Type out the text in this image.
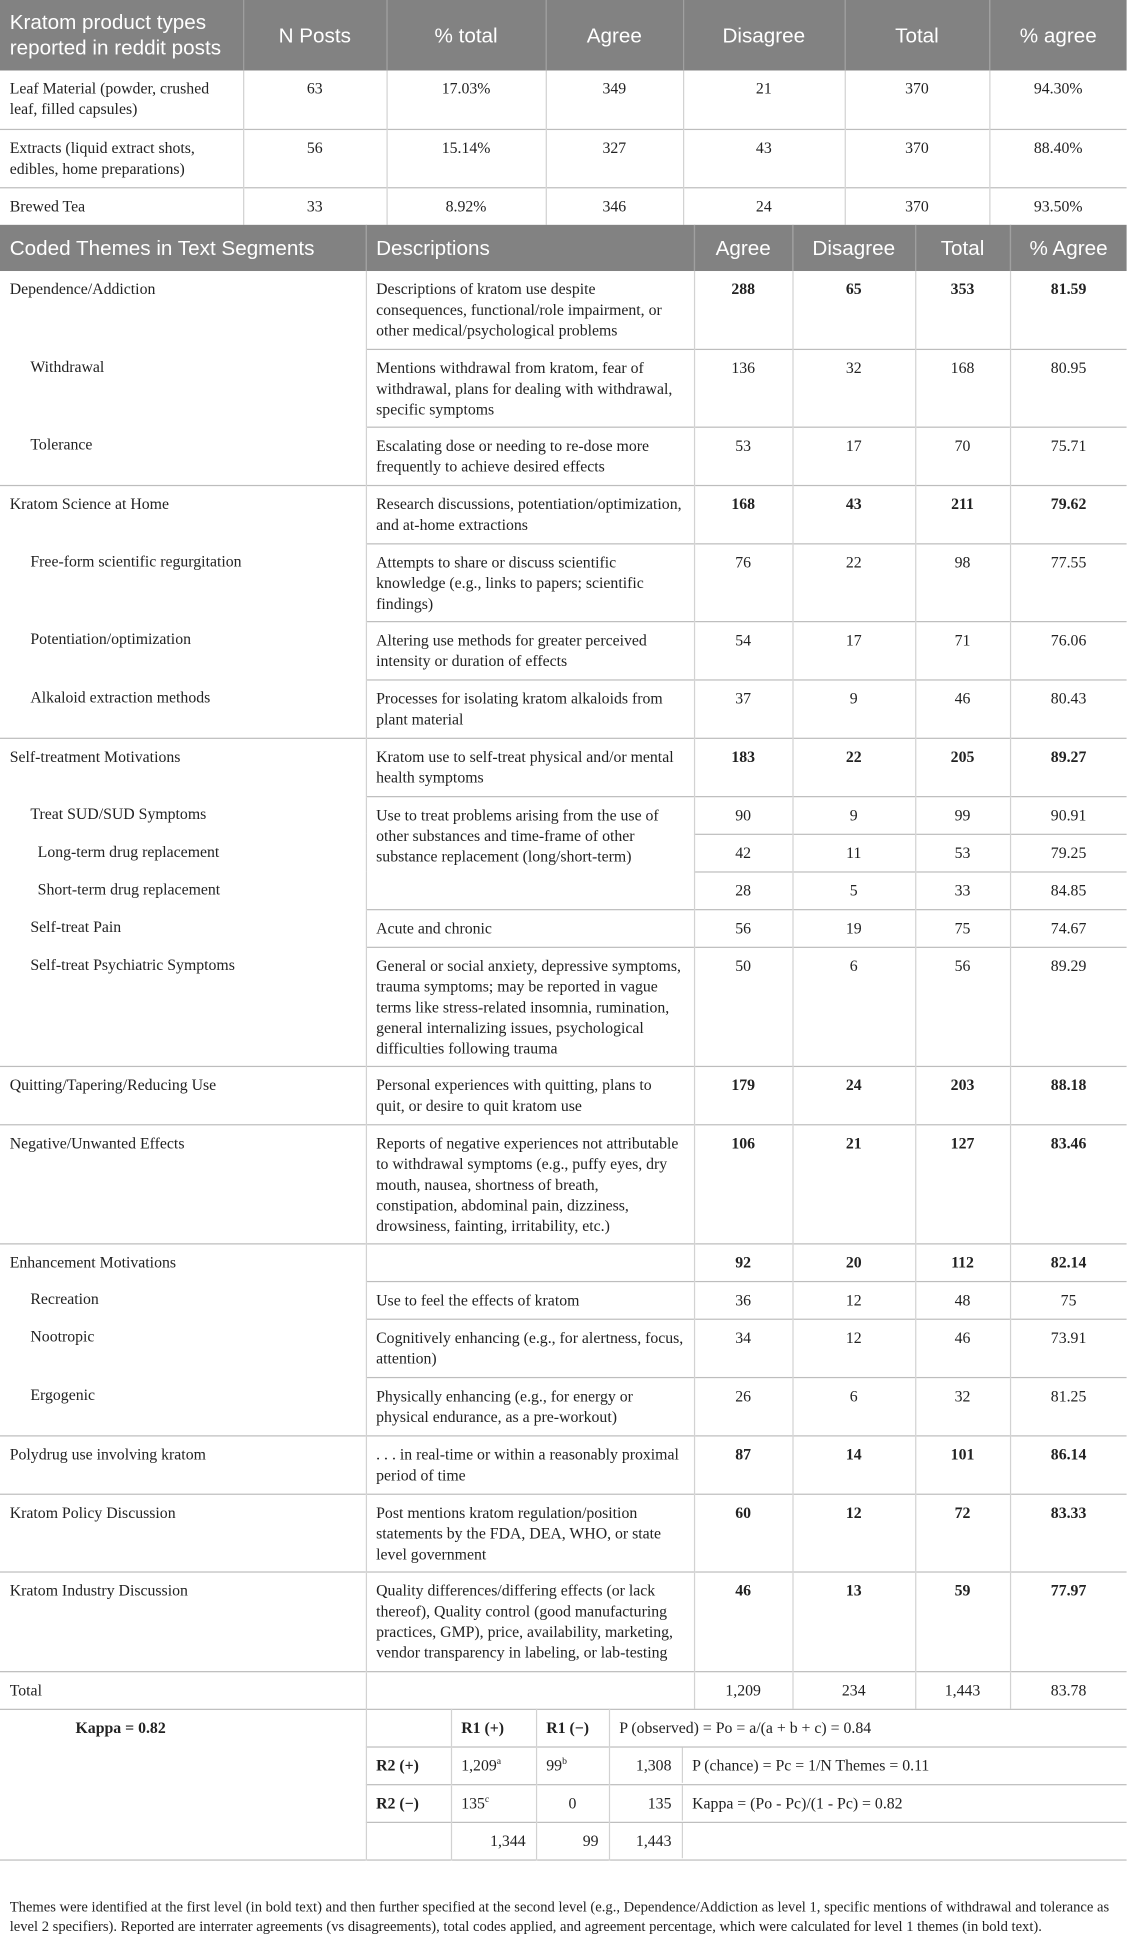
Kratom product types reported in reddit posts	N Posts	% total	Agree	Disagree	Total	% agree
Leaf Material (powder, crushed leaf, filled capsules)	63	17.03%	349	21	370	94.30%
Extracts (liquid extract shots, edibles, home preparations)	56	15.14%	327	43	370	88.40%
Brewed Tea	33	8.92%	346	24	370	93.50%
Coded Themes in Text Segments	Descriptions	Agree	Disagree	Total	% Agree
Dependence/Addiction	Descriptions of kratom use despite consequences, functional/role impairment, or other medical/psychological problems	288	65	353	81.59
Withdrawal	Mentions withdrawal from kratom, fear of withdrawal, plans for dealing with withdrawal, specific symptoms	136	32	168	80.95
Tolerance	Escalating dose or needing to re-dose more frequently to achieve desired effects	53	17	70	75.71
Kratom Science at Home	Research discussions, potentiation/optimization, and at-home extractions	168	43	211	79.62
Free-form scientific regurgitation	Attempts to share or discuss scientific knowledge (e.g., links to papers; scientific findings)	76	22	98	77.55
Potentiation/optimization	Altering use methods for greater perceived intensity or duration of effects	54	17	71	76.06
Alkaloid extraction methods	Processes for isolating kratom alkaloids from plant material	37	9	46	80.43
Self-treatment Motivations	Kratom use to self-treat physical and/or mental health symptoms	183	22	205	89.27
Treat SUD/SUD Symptoms	Use to treat problems arising from the use of other substances and time-frame of other substance replacement (long/short-term)	90	9	99	90.91
Long-term drug replacement		42	11	53	79.25
Short-term drug replacement		28	5	33	84.85
Self-treat Pain	Acute and chronic	56	19	75	74.67
Self-treat Psychiatric Symptoms	General or social anxiety, depressive symptoms, trauma symptoms; may be reported in vague terms like stress-related insomnia, rumination, general internalizing issues, psychological difficulties following trauma	50	6	56	89.29
Quitting/Tapering/Reducing Use	Personal experiences with quitting, plans to quit, or desire to quit kratom use	179	24	203	88.18
Negative/Unwanted Effects	Reports of negative experiences not attributable to withdrawal symptoms (e.g., puffy eyes, dry mouth, nausea, shortness of breath, constipation, abdominal pain, dizziness, drowsiness, fainting, irritability, etc.)	106	21	127	83.46
Enhancement Motivations		92	20	112	82.14
Recreation	Use to feel the effects of kratom	36	12	48	75
Nootropic	Cognitively enhancing (e.g., for alertness, focus, attention)	34	12	46	73.91
Ergogenic	Physically enhancing (e.g., for energy or physical endurance, as a pre-workout)	26	6	32	81.25
Polydrug use involving kratom	. . . in real-time or within a reasonably proximal period of time	87	14	101	86.14
Kratom Policy Discussion	Post mentions kratom regulation/position statements by the FDA, DEA, WHO, or state level government	60	12	72	83.33
Kratom Industry Discussion	Quality differences/differing effects (or lack thereof), Quality control (good manufacturing practices, GMP), price, availability, marketing, vendor transparency in labeling, or lab-testing	46	13	59	77.97
Total		1,209	234	1,443	83.78
Kappa = 0.82		R1 (+)	R1 (−)	P (observed) = Po = a/(a + b + c) = 0.84
	R2 (+)	1,209$^a$	99$^b$	1,308 P (chance) = Pc = 1/N Themes = 0.11

	R2 (−)	135$^c$	0	135 Kappa = (Po - Pc)/(1 - Pc) = 0.82

		1,344	99	1,443

Themes were identified at the first level (in bold text) and then further specified at the second level (e.g., Dependence/Addiction as level 1, specific mentions of withdrawal and tolerance as level 2 specifiers). Reported are interrater agreements (vs disagreements), total codes applied, and agreement percentage, which were calculated for level 1 themes (in bold text).
